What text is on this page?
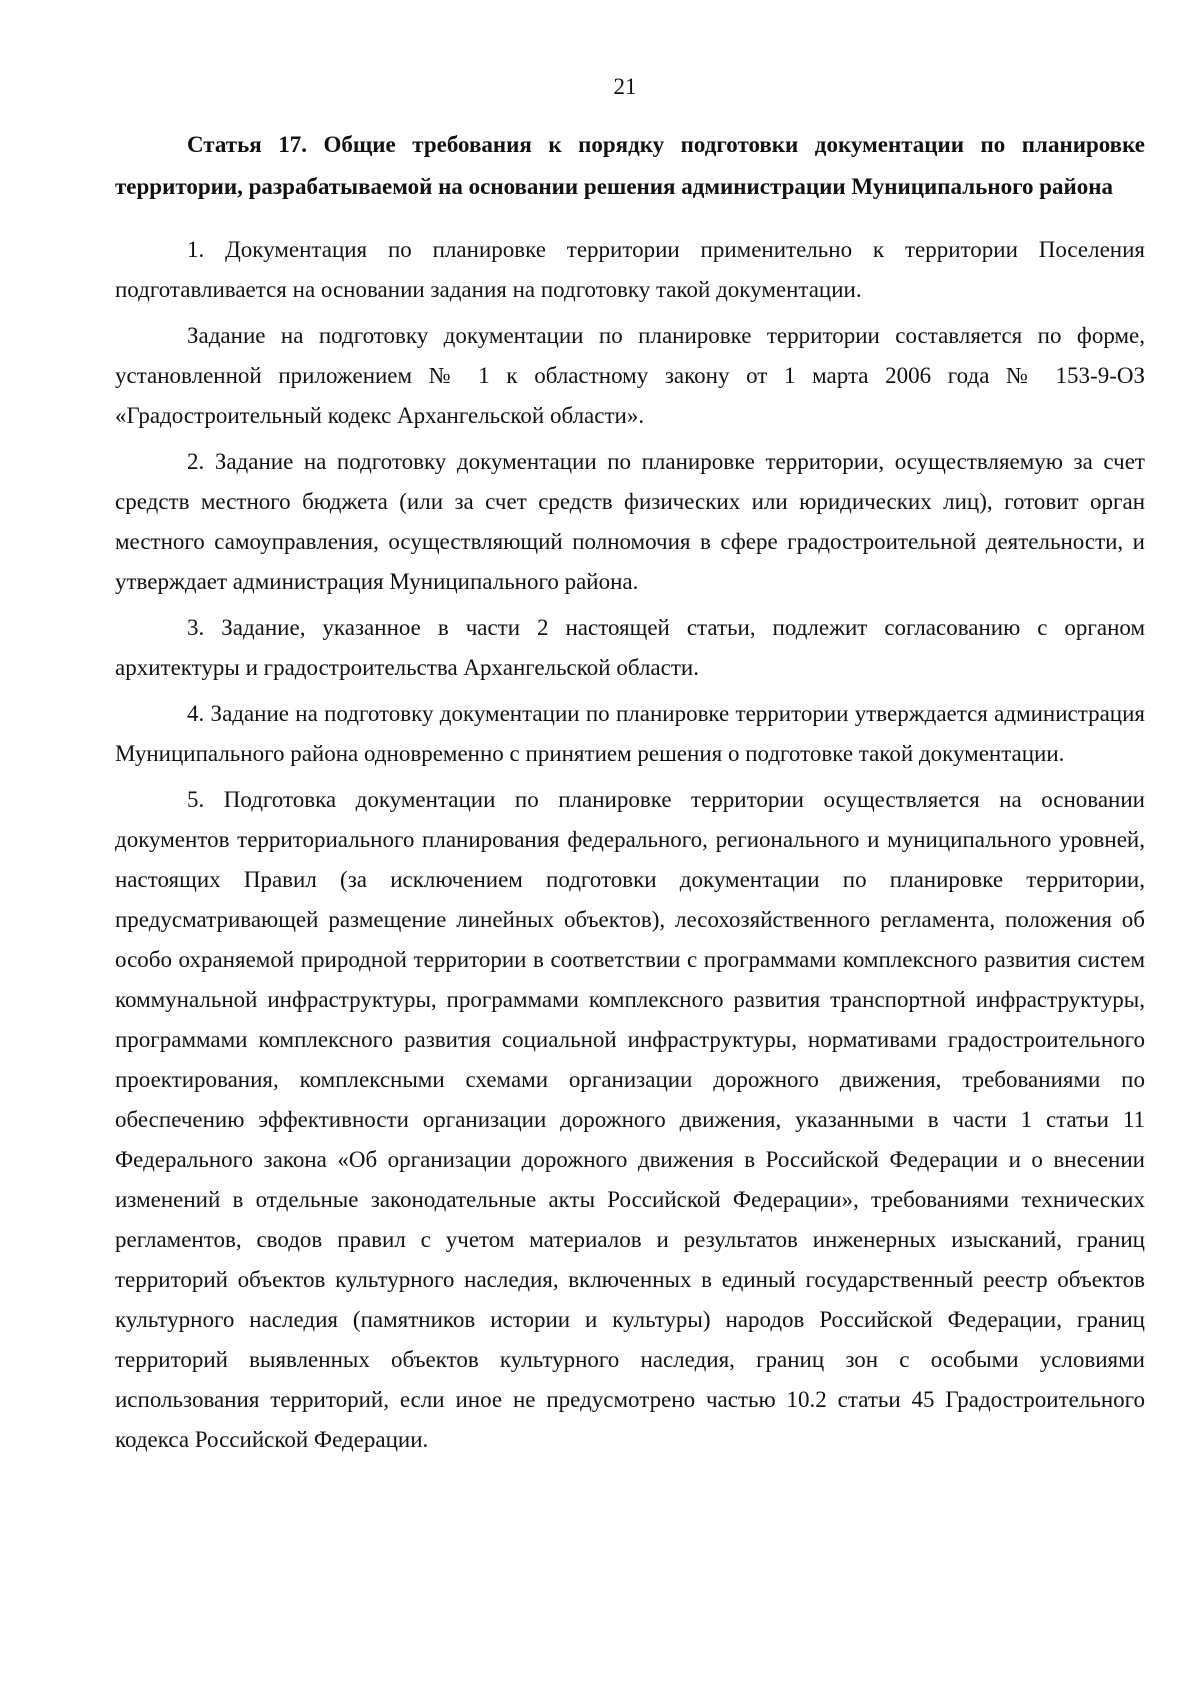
21

Статья 17. Общие требования к порядку подготовки документации по планировке территории, разрабатываемой на основании решения администрации Муниципального района

1. Документация по планировке территории применительно к территории Поселения подготавливается на основании задания на подготовку такой документации.

Задание на подготовку документации по планировке территории составляется по форме, установленной приложением № 1 к областному закону от 1 марта 2006 года № 153-9-ОЗ «Градостроительный кодекс Архангельской области».

2. Задание на подготовку документации по планировке территории, осуществляемую за счет средств местного бюджета (или за счет средств физических или юридических лиц), готовит орган местного самоуправления, осуществляющий полномочия в сфере градостроительной деятельности, и утверждает администрация Муниципального района.

3. Задание, указанное в части 2 настоящей статьи, подлежит согласованию с органом архитектуры и градостроительства Архангельской области.

4. Задание на подготовку документации по планировке территории утверждается администрация Муниципального района одновременно с принятием решения о подготовке такой документации.

5. Подготовка документации по планировке территории осуществляется на основании документов территориального планирования федерального, регионального и муниципального уровней, настоящих Правил (за исключением подготовки документации по планировке территории, предусматривающей размещение линейных объектов), лесохозяйственного регламента, положения об особо охраняемой природной территории в соответствии с программами комплексного развития систем коммунальной инфраструктуры, программами комплексного развития транспортной инфраструктуры, программами комплексного развития социальной инфраструктуры, нормативами градостроительного проектирования, комплексными схемами организации дорожного движения, требованиями по обеспечению эффективности организации дорожного движения, указанными в части 1 статьи 11 Федерального закона «Об организации дорожного движения в Российской Федерации и о внесении изменений в отдельные законодательные акты Российской Федерации», требованиями технических регламентов, сводов правил с учетом материалов и результатов инженерных изысканий, границ территорий объектов культурного наследия, включенных в единый государственный реестр объектов культурного наследия (памятников истории и культуры) народов Российской Федерации, границ территорий выявленных объектов культурного наследия, границ зон с особыми условиями использования территорий, если иное не предусмотрено частью 10.2 статьи 45 Градостроительного кодекса Российской Федерации.
